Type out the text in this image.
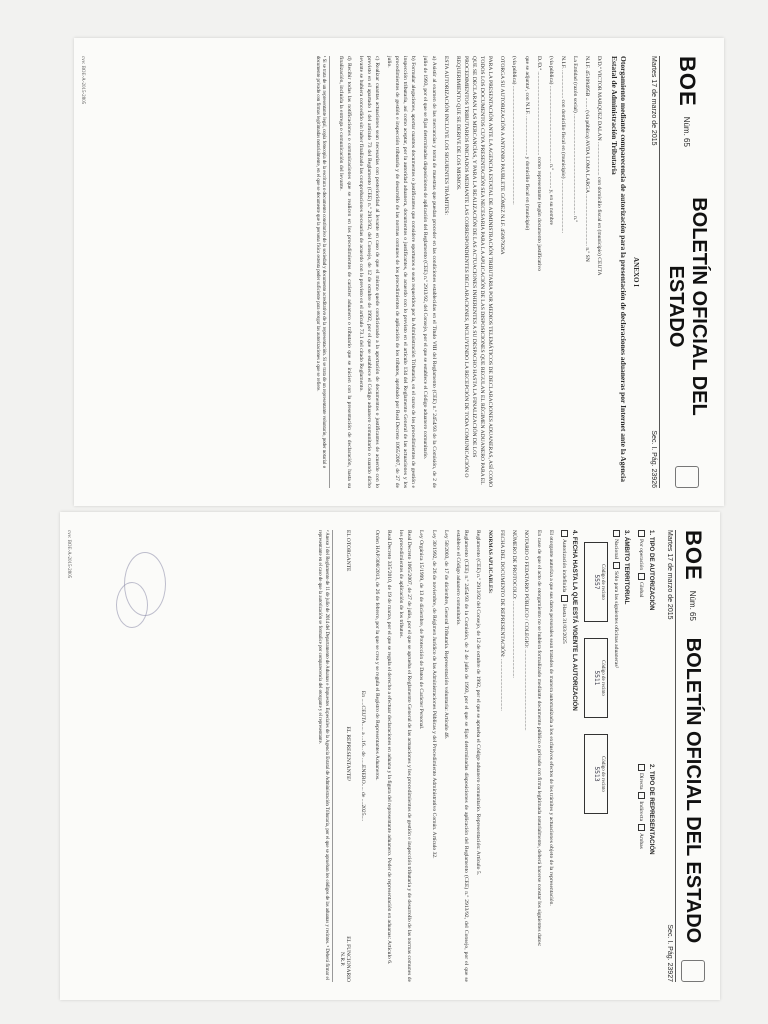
BOE
Núm. 65
BOLETÍN OFICIAL DEL ESTADO
Martes 17 de marzo de 2015
Sec. I. Pág. 23926
ANEXO I
Otorgamiento mediante comparecencia de autorización para la presentación de declaraciones aduaneras por Internet ante la Agencia Estatal de Administración Tributaria

D/D.ª VICTOR MARQUEZ DALAN ........................ con domicilio fiscal en (municipio) CEUTA

N.I.F. 45109495B ........ (vía pública) AVDA LOMA LARGA ..................................... n.º SN

La Entidad (razón social) ........................................................................ n.º

N.I.F. .................... con domicilio fiscal en (municipio) ......................................

(vía pública) ....................................................... n.º ............ y, en su nombre

D./D.ª ............................................................ como representante (según documento justificativo

que se adjunta¹, con N.I.F. ............................ y domicilio fiscal en (municipio)

(vía pública) .....................................................................................

OTORGA SU AUTORIZACIÓN A ANTONIO PAUBLETE GÓMEZ N.I.F. 45097926A

PARA LA PRESENTACIÓN ANTE LA AGENCIA ESTATAL DE ADMINISTRACIÓN TRIBUTARIA POR MEDIOS TELEMÁTICOS DE DECLARACIONES ADUANERAS, ASÍ COMO TODOS LOS DOCUMENTOS CUYA PRESENTACIÓN SEA NECESARIA PARA LA APLICACIÓN DE LAS DISPOSICIONES QUE REGULAN EL RÉGIMEN ADUANERO PARA EL QUE SE DECLARAN LAS MERCANCÍAS, Y PARA LA REALIZACIÓN DE LAS ACTUACIONES INHERENTES A SU DESPACHO HASTA LA FINALIZACIÓN DE LOS PROCEDIMIENTOS TRIBUTARIOS INICIADOS MEDIANTE LAS CORRESPONDIENTES DECLARACIONES, INCLUYENDO LA RECEPCIÓN DE TODA COMUNICACIÓN O REQUERIMIENTO QUE SE DERIVE DE LOS MISMOS.

ESTA AUTORIZACIÓN INCLUYE LOS SIGUIENTES TRÁMITES:

a) Asistir al examen de las mercancías y toma de muestras que puedan proceder en las condiciones establecidas en el Título VIII del Reglamento (CEE) n.º 2454/93 de la Comisión, de 2 de julio de 1993, por el que se fijan determinadas disposiciones de aplicación del Reglamento (CEE) n.º 2913/92, del Consejo, por el que se establece el Código aduanero comunitario.

b) Formular alegaciones, aportar cuantos documentos o justificantes que considere oportunos o sean requeridos por la Administración Tributaria, en el curso de los procedimientos de gestión e inspección tributaria, así como aceptar, por la autoridad aduanera, documentos o justificantes, de acuerdo con lo previsto en el artículo 134 del Reglamento General de las actuaciones y los procedimientos de gestión e inspección tributaria y de desarrollo de las normas comunes de los procedimientos de aplicación de los tributos, aprobado por Real Decreto 1065/2007, de 27 de julio.

c) Realizar cuantas actuaciones sean necesarias con posterioridad al levante en caso de que el mismo quede condicionado a la aportación de documentos o justificantes de acuerdo con lo previsto en el apartado 1 del artículo 73 del Reglamento (CEE) n.º 2913/92, del Consejo, de 12 de octubre de 1992, por el que se establece el Código aduanero comunitario o cuando dicho levante se hubiera concedido sin haber finalizado las comprobaciones necesarias de acuerdo con lo previsto en el artículo 73.1 del citado Reglamento.

d) Recibir todas las notificaciones o comunicaciones que se realicen en los procedimientos de carácter aduanero o tributario que se inicien con la presentación de declaración, hasta su finalización, incluida la entrega o comunicación del levante.

¹ Si se trata de un representante legal, copia fotocopia de la escritura o documento constitutivo de la sociedad y documento acreditativo de la representación. Si se trata de un representante voluntario, poder notarial o documento privado con firmas legitimadas notarialmente, en el que se documente que la persona física ostenta poder suficiente para otorgar las autorizaciones a que se refiere.
cve: BOE-A-2015-2805
BOE
Núm. 65
BOLETÍN OFICIAL DEL ESTADO
Martes 17 de marzo de 2015
Sec. I. Pág. 23927
1. TIPO DE AUTORIZACIÓN
Por operación  Global
2. TIPO DE REPRESENTACIÓN
Directa  Indirecta  Ambas
3. ÁMBITO TERRITORIAL
Nacional  Sólo para las siguientes oficinas aduaneras²
Código de recinto
5557
Código de recinto
5511
Código de recinto
5513
4. FECHA HASTA LA QUE ESTÁ VIGENTE LA AUTORIZACIÓN
Autorización indefinida  Hasta 31/03/2025

El otorgante autoriza a que sus datos personales sean tratados de manera automatizada a los exclusivos efectos de los trámites y actuaciones objeto de la representación.

En caso de que el acto de otorgamiento no se hubiera formalizado mediante documento público o privado con firma legitimada notarialmente, deberá hacerse constar los siguientes datos:

NOTARIO O FEDATARIO PÚBLICO / COLEGIO: ..........................................................

NÚMERO DE PROTOCOLO: .......................................................

FECHA DEL DOCUMENTO DE REPRESENTACIÓN: .....................................

NORMAS APLICABLES:

Reglamento (CEE) n.º 2913/92 del Consejo, de 12 de octubre de 1992, por el que se aprueba el Código aduanero comunitario. Representación: Artículo 5.

Reglamento (CEE) n.º 2454/93 de la Comisión, de 2 de julio de 1993, por el que se fijan determinadas disposiciones de aplicación del Reglamento (CEE) n.º 2913/92, del Consejo, por el que se establece el Código aduanero comunitario.

Ley 58/2003, de 17 de diciembre, General Tributaria. Representación voluntaria: Artículo 46.

Ley 30/1992, de 26 de noviembre, de Régimen Jurídico de las Administraciones Públicas y del Procedimiento Administrativo Común. Artículo 32.

Ley Orgánica 15/1999, de 13 de diciembre, de Protección de Datos de Carácter Personal.

Real Decreto 1065/2007, de 27 de julio, por el que se aprueba el Reglamento General de las actuaciones y los procedimientos de gestión e inspección tributaria y de desarrollo de las normas comunes de los procedimientos de aplicación de los tributos.

Real Decreto 335/2010, de 19 de marzo, por el que se regula el derecho a efectuar declaraciones en aduana y la figura del representante aduanero. Poder de representación en aduanas: Artículo 6.

Orden HAP/308/2013, de 26 de febrero, por la que se crea y se regula el Registro de Representantes Aduaneros.

En .....CEUTA..... a ...16... de .....ENERO..... de ....2025....

EL OTORGANTE
EL REPRESENTANTE³
EL FUNCIONARIO
N.R.P.
² Anexo I del Reglamento de 11 de julio de 2014 del Departamento de Aduanas e Impuestos Especiales de la Agencia Estatal de Administración Tributaria, por el que se aprueban los códigos de las aduanas y recintos. ³ Deberá firmar el representante en el caso de que la autorización se formalice por comparecencia del otorgante y el representante.
cve: BOE-A-2015-2805
